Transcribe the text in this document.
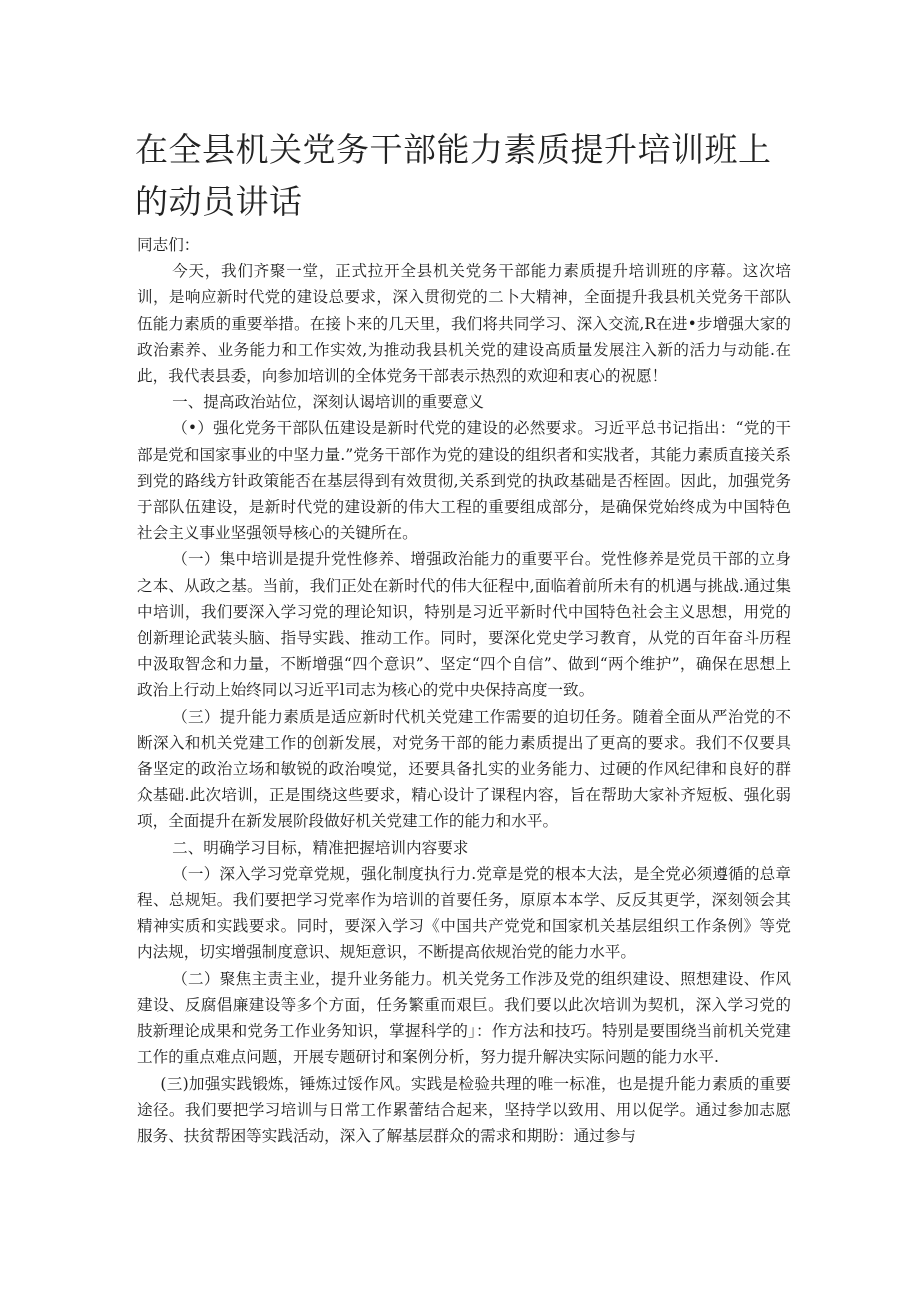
在全县机关党务干部能力素质提升培训班上的动员讲话

同志们：

今天，我们齐聚一堂，正式拉开全县机关党务干部能力素质提升培训班的序幕。这次培训，是响应新时代党的建设总要求，深入贯彻党的二卜大精神，全面提升我县机关党务干部队伍能力素质的重要举措。在接卜来的几天里，我们将共同学习、深入交流,R在进•步增强大家的政治素养、业务能力和工作实效,为推动我县机关党的建设高质量发展注入新的活力与动能.在此，我代表县委，向参加培训的全体党务干部表示热烈的欢迎和衷心的祝愿！

一、提高政治站位，深刻认谒培训的重要意义

（•）强化党务干部队伍建设是新时代党的建设的必然要求。习近平总书记指出：“党的干部是党和国家事业的中坚力量.”党务干部作为党的建设的组织者和实戕者，其能力素质直接关系到党的路线方针政策能否在基层得到有效贯彻,关系到党的执政基础是否桎固。因此，加强党务于部队伍建设，是新时代党的建设新的伟大工程的重要组成部分，是确保党始终成为中国特色社会主义事业坚强领导核心的关键所在。

（一）集中培训是提升党性修养、增强政治能力的重要平台。党性修养是党员干部的立身之本、从政之基。当前，我们正处在新时代的伟大征程中,面临着前所未有的机遇与挑战.通过集中培训，我们要深入学习党的理论知识，特别是习近平新时代中国特色社会主义思想，用党的创新理论武装头脑、指导实践、推动工作。同时，要深化党史学习教育，从党的百年奋斗历程中汲取智念和力量，不断增强“四个意识”、坚定“四个自信”、做到“两个维护”，确保在思想上政治上行动上始终同以习近平l司志为核心的党中央保持高度一致。

（三）提升能力素质是适应新时代机关党建工作需要的迫切任务。随着全面从严治党的不断深入和机关党建工作的创新发展，对党务干部的能力素质提出了更高的要求。我们不仅要具备坚定的政治立场和敏锐的政治嗅觉，还要具备扎实的业务能力、过硬的作风纪律和良好的群众基础.此次培训，正是围绕这些要求，精心设计了课程内容，旨在帮助大家补齐短板、强化弱项，全面提升在新发展阶段做好机关党建工作的能力和水平。

二、明确学习目标，精准把握培训内容要求

（一）深入学习党章党规，强化制度执行力.党章是党的根本大法，是全党必须遵循的总章程、总规矩。我们要把学习党率作为培训的首要任务，原原本本学、反反其更学，深刻领会其精神实质和实践要求。同时，要深入学习《中国共产党党和国家机关基层组织工作条例》等党内法规，切实增强制度意识、规矩意识，不断提高依规治党的能力水平。

（二）聚焦主责主业，提升业务能力。机关党务工作涉及党的组织建设、照想建设、作风建设、反腐倡廉建设等多个方面，任务繁重而艰巨。我们要以此次培训为契机，深入学习党的肢新理论成果和党务工作业务知识，掌握科学的」：作方法和技巧。特别是要围绕当前机关党建工作的重点难点问题，开展专题研讨和案例分析，努力提升解决实际问题的能力水平.

(三)加强实践锻炼，锤炼过馁作风。实践是检验共理的唯一标准，也是提升能力素质的重要途径。我们要把学习培训与日常工作累蕾结合起来，坚持学以致用、用以促学。通过参加志愿服务、扶贫帮困等实践活动，深入了解基层群众的需求和期盼：通过参与
